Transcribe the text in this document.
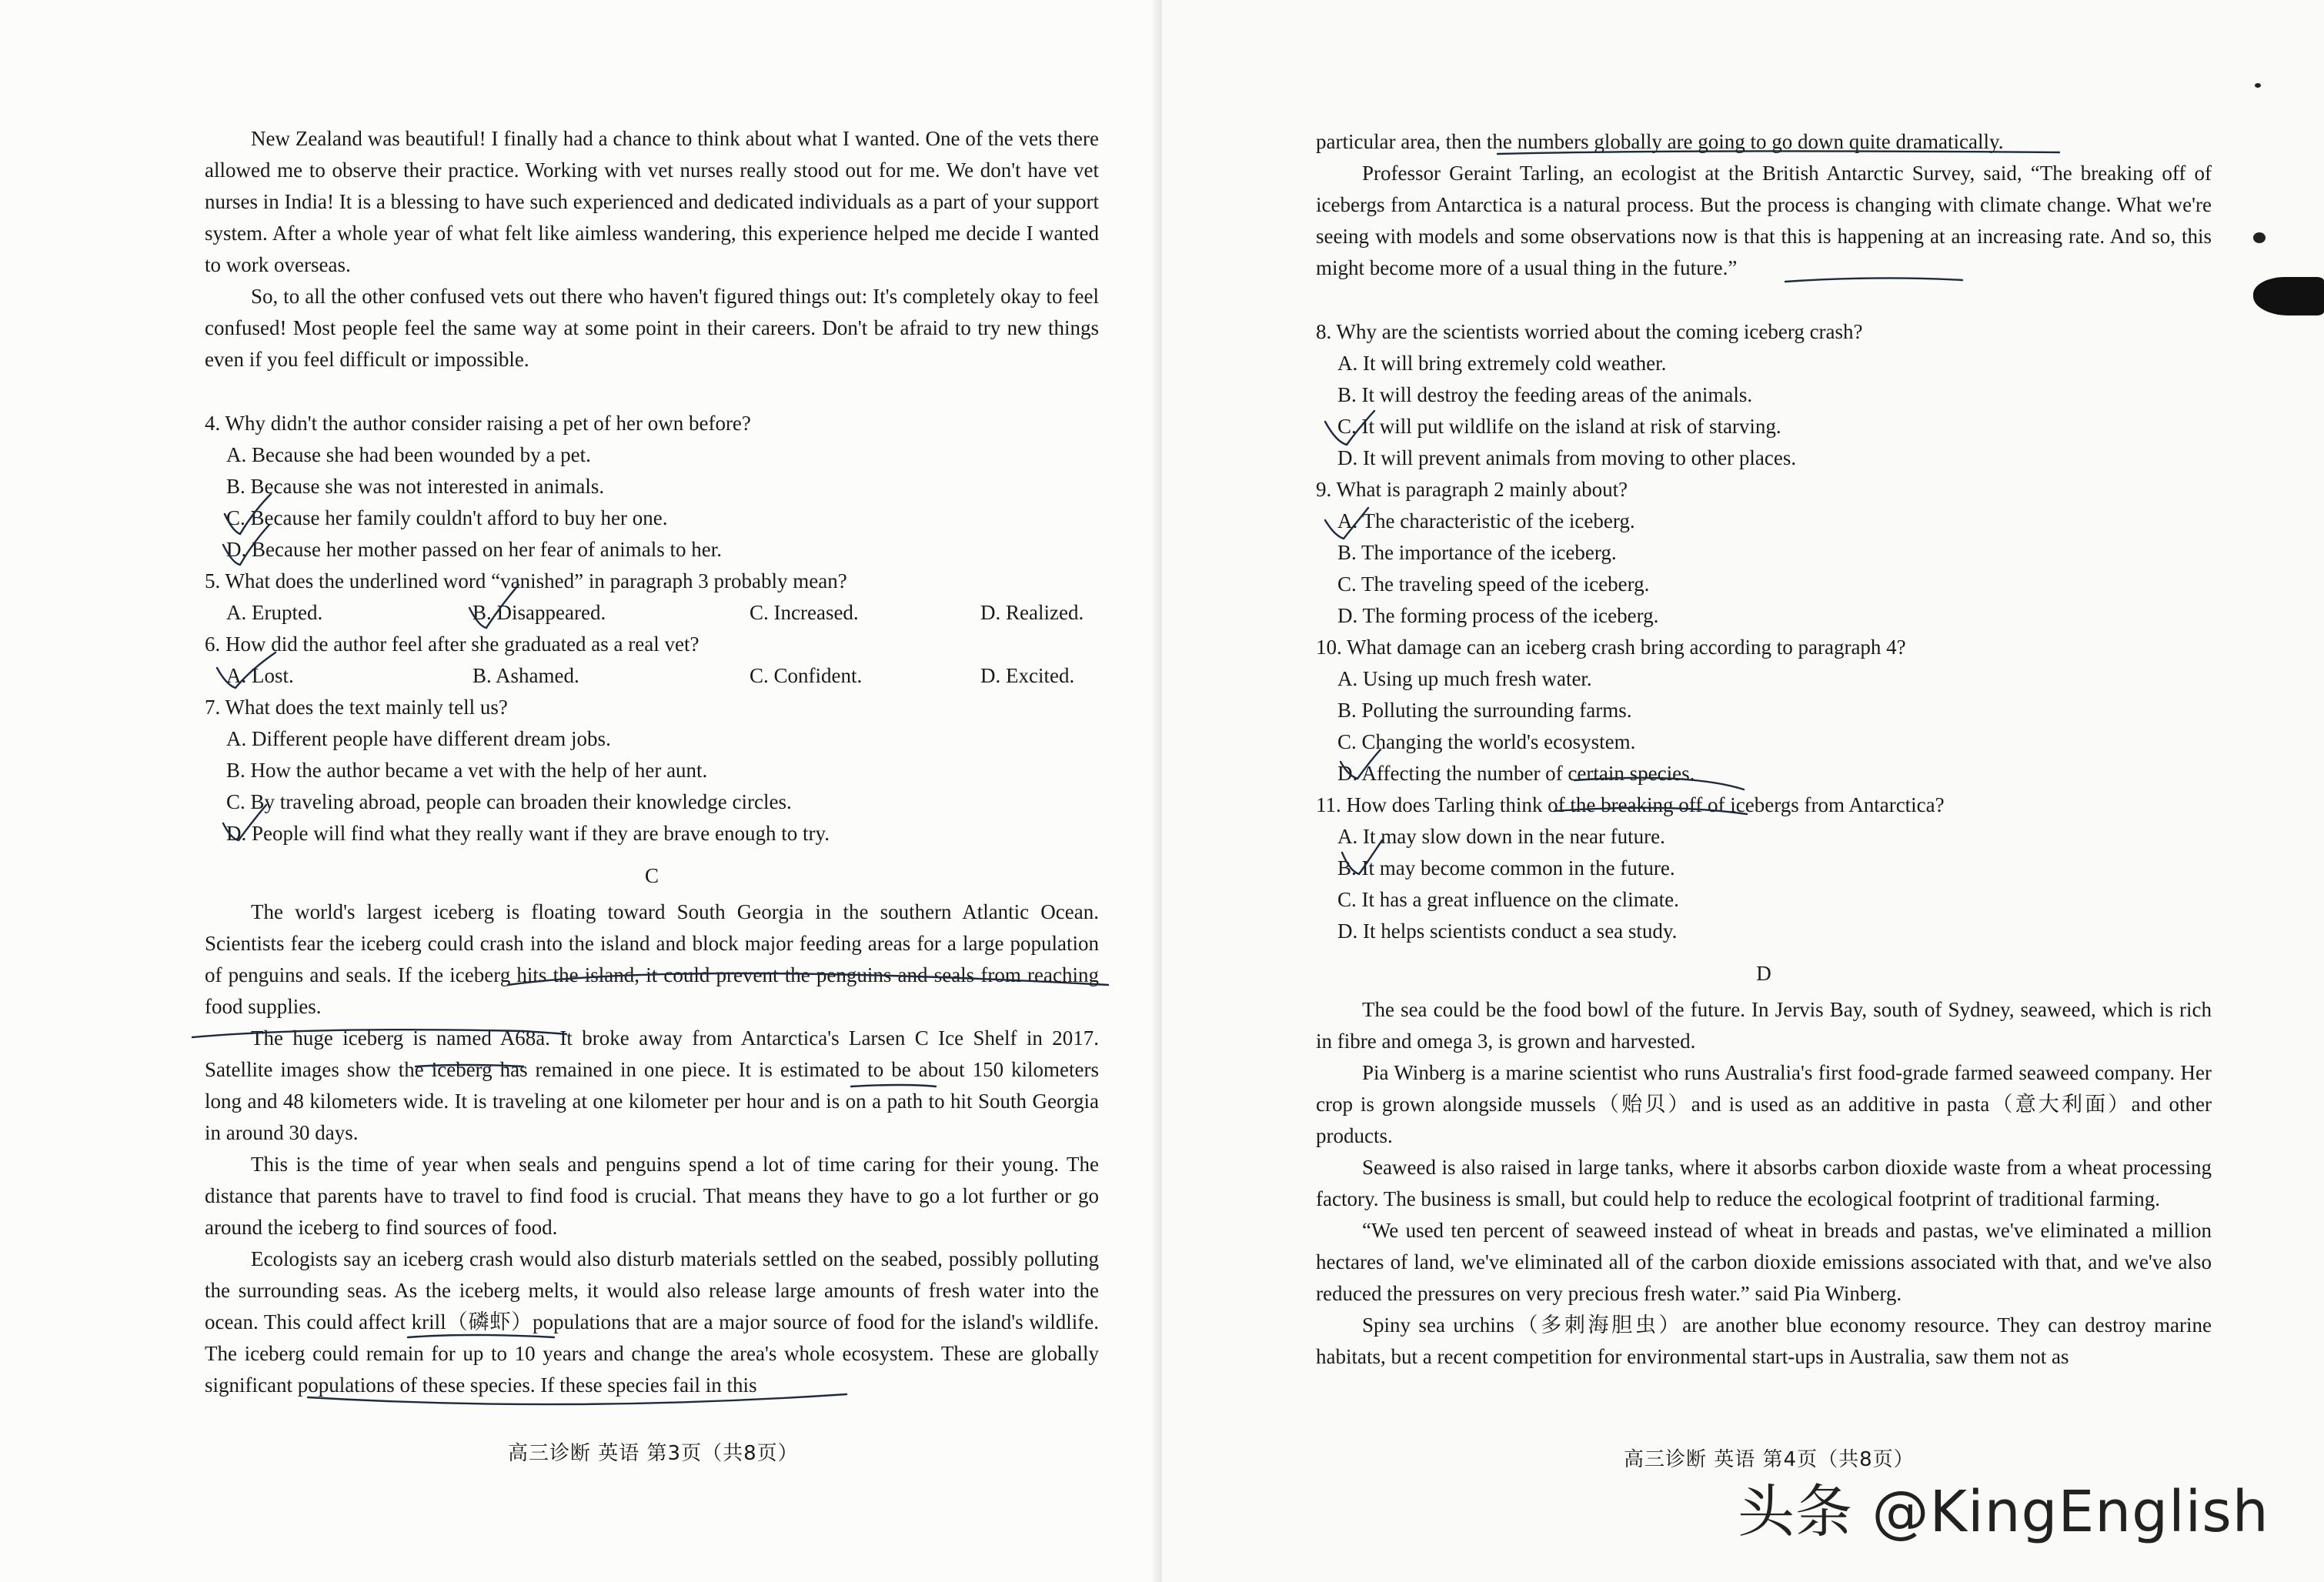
New Zealand was beautiful! I finally had a chance to think about what I wanted. One of the vets there allowed me to observe their practice. Working with vet nurses really stood out for me. We don't have vet nurses in India! It is a blessing to have such experienced and dedicated individuals as a part of your support system. After a whole year of what felt like aimless wandering, this experience helped me decide I wanted to work overseas.

So, to all the other confused vets out there who haven't figured things out: It's completely okay to feel confused! Most people feel the same way at some point in their careers. Don't be afraid to try new things even if you feel difficult or impossible.

4. Why didn't the author consider raising a pet of her own before?

A. Because she had been wounded by a pet.

B. Because she was not interested in animals.

C. Because her family couldn't afford to buy her one.

D. Because her mother passed on her fear of animals to her.

5. What does the underlined word “vanished” in paragraph 3 probably mean?

A. Erupted.	B. Disappeared.	C. Increased.	D. Realized.

6. How did the author feel after she graduated as a real vet?

A. Lost.	B. Ashamed.	C. Confident.	D. Excited.

7. What does the text mainly tell us?

A. Different people have different dream jobs.

B. How the author became a vet with the help of her aunt.

C. By traveling abroad, people can broaden their knowledge circles.

D. People will find what they really want if they are brave enough to try.

C

The world's largest iceberg is floating toward South Georgia in the southern Atlantic Ocean. Scientists fear the iceberg could crash into the island and block major feeding areas for a large population of penguins and seals. If the iceberg hits the island, it could prevent the penguins and seals from reaching food supplies.

The huge iceberg is named A68a. It broke away from Antarctica's Larsen C Ice Shelf in 2017. Satellite images show the iceberg has remained in one piece. It is estimated to be about 150 kilometers long and 48 kilometers wide. It is traveling at one kilometer per hour and is on a path to hit South Georgia in around 30 days.

This is the time of year when seals and penguins spend a lot of time caring for their young. The distance that parents have to travel to find food is crucial. That means they have to go a lot further or go around the iceberg to find sources of food.

Ecologists say an iceberg crash would also disturb materials settled on the seabed, possibly polluting the surrounding seas. As the iceberg melts, it would also release large amounts of fresh water into the ocean. This could affect krill（磷虾）populations that are a major source of food for the island's wildlife. The iceberg could remain for up to 10 years and change the area's whole ecosystem. These are globally significant populations of these species. If these species fail in this

高三诊断 英语 第3页（共8页）

particular area, then the numbers globally are going to go down quite dramatically.

Professor Geraint Tarling, an ecologist at the British Antarctic Survey, said, “The breaking off of icebergs from Antarctica is a natural process. But the process is changing with climate change. What we're seeing with models and some observations now is that this is happening at an increasing rate. And so, this might become more of a usual thing in the future.”

8. Why are the scientists worried about the coming iceberg crash?

A. It will bring extremely cold weather.

B. It will destroy the feeding areas of the animals.

C. It will put wildlife on the island at risk of starving.

D. It will prevent animals from moving to other places.

9. What is paragraph 2 mainly about?

A. The characteristic of the iceberg.

B. The importance of the iceberg.

C. The traveling speed of the iceberg.

D. The forming process of the iceberg.

10. What damage can an iceberg crash bring according to paragraph 4?

A. Using up much fresh water.

B. Polluting the surrounding farms.

C. Changing the world's ecosystem.

D. Affecting the number of certain species.

11. How does Tarling think of the breaking off of icebergs from Antarctica?

A. It may slow down in the near future.

B. It may become common in the future.

C. It has a great influence on the climate.

D. It helps scientists conduct a sea study.

D

The sea could be the food bowl of the future. In Jervis Bay, south of Sydney, seaweed, which is rich in fibre and omega 3, is grown and harvested.

Pia Winberg is a marine scientist who runs Australia's first food-grade farmed seaweed company. Her crop is grown alongside mussels（贻贝）and is used as an additive in pasta（意大利面）and other products.

Seaweed is also raised in large tanks, where it absorbs carbon dioxide waste from a wheat processing factory. The business is small, but could help to reduce the ecological footprint of traditional farming.

“We used ten percent of seaweed instead of wheat in breads and pastas, we've eliminated a million hectares of land, we've eliminated all of the carbon dioxide emissions associated with that, and we've also reduced the pressures on very precious fresh water.” said Pia Winberg.

Spiny sea urchins（多刺海胆虫）are another blue economy resource. They can destroy marine habitats, but a recent competition for environmental start-ups in Australia, saw them not as

高三诊断 英语 第4页（共8页）
头条 @KingEnglish
